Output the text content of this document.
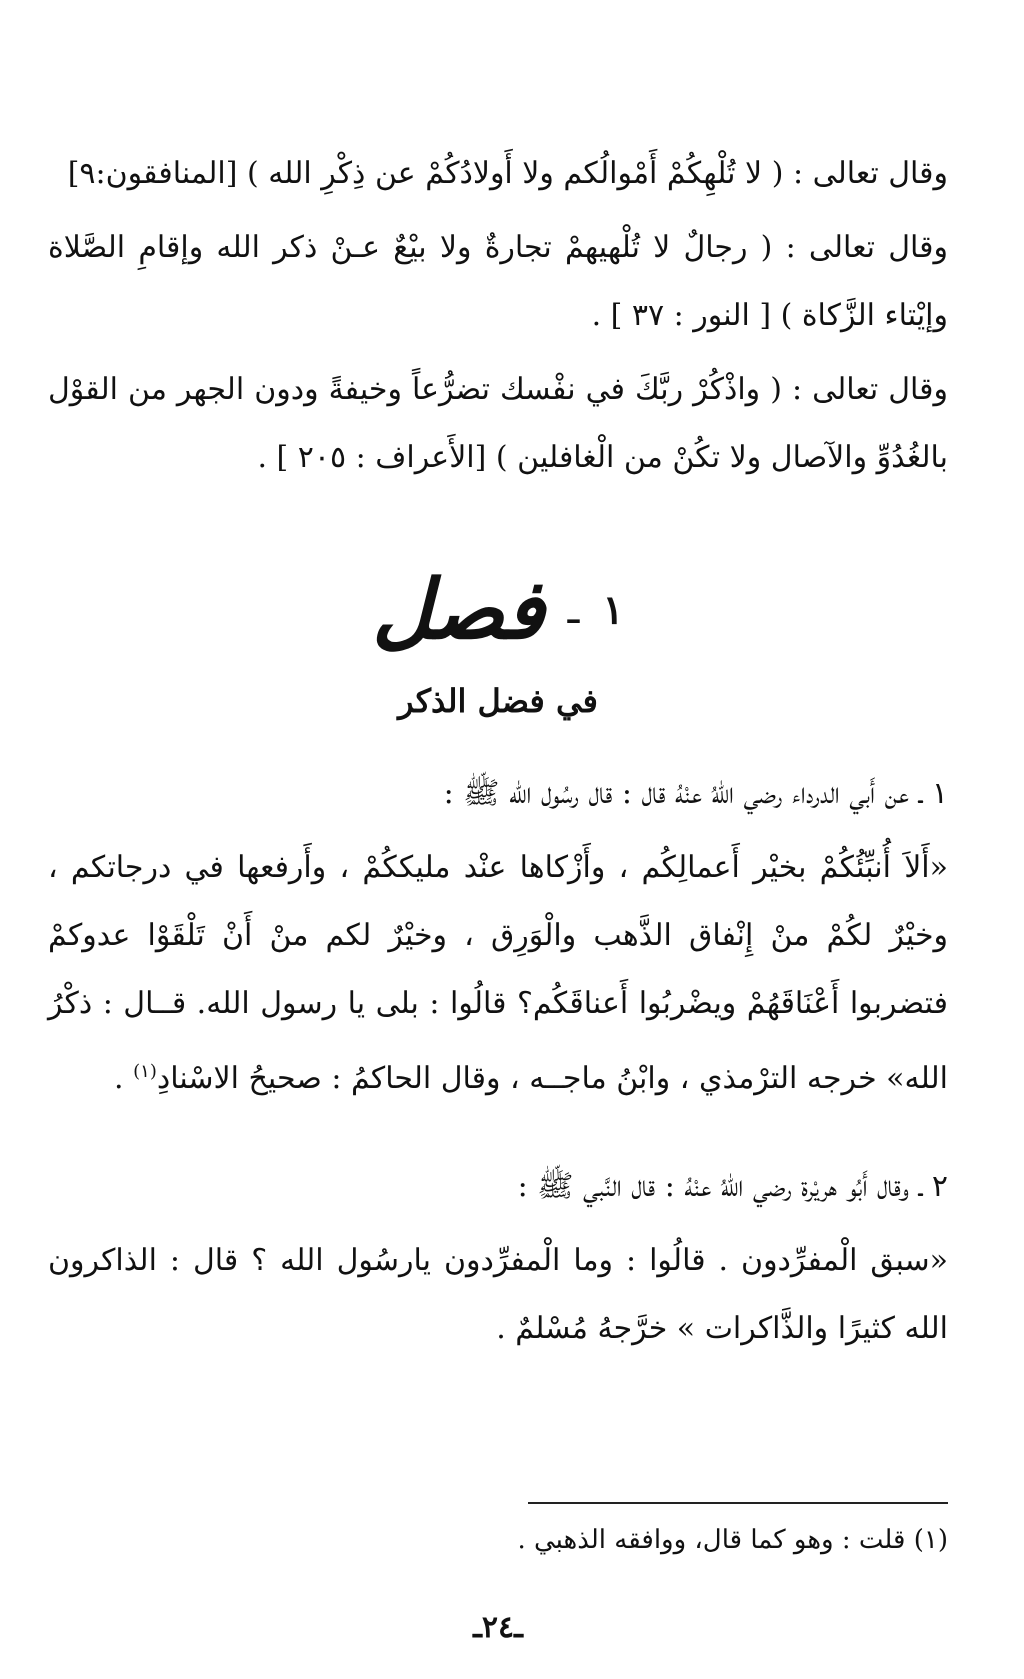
وقال تعالى : ( لا تُلْهِكُمْ أَمْوالُكم ولا أَولادُكُمْ عن ذِكْرِ الله ) [المنافقون:٩]

وقال تعالى : ( رجالٌ لا تُلْهيهمْ تجارةٌ ولا بيْعٌ عـنْ ذكر الله وإقامِ الصَّلاة وإيْتاء الزَّكاة ) [ النور : ٣٧ ] .

وقال تعالى : ( واذْكُرْ ربَّكَ في نفْسك تضرُّعاً وخيفةً ودون الجهر من القوْل بالغُدُوِّ والآصال ولا تكُنْ من الْغافلين ) [الأَعراف : ٢٠٥ ] .

١ ـ فصل
في فضل الذكر

١ ـ عن أَبي الدرداء رضي اللهُ عنْهُ قال : قال رسُول الله ﷺ :

«أَلاَ أُنبِّئُكُمْ بخيْر أَعمالِكُم ، وأَزْكاها عنْد مليككُمْ ، وأَرفعها في درجاتكم ، وخيْرٌ لكُمْ منْ إِنْفاق الذَّهب والْوَرِق ، وخيْرٌ لكم منْ أَنْ تَلْقَوْا عدوكمْ فتضربوا أَعْنَاقَهُمْ ويضْربُوا أَعناقَكُم؟ قالُوا : بلى يا رسول الله. قــال : ذكْرُ الله» خرجه الترْمذي ، وابْنُ ماجــه ، وقال الحاكمُ : صحيحُ الاسْنادِ$^{(١)}$ .

٢ ـ وقال أَبُو هريْرة رضي اللهُ عنْهُ : قال النَّبي ﷺ :

«سبق الْمفرِّدون . قالُوا : وما الْمفرِّدون يارسُول الله ؟ قال : الذاكرون الله كثيرًا والذَّاكرات » خرَّجهُ مُسْلمٌ .

(١) قلت : وهو كما قال، ووافقه الذهبي .
ـ٢٤ـ
